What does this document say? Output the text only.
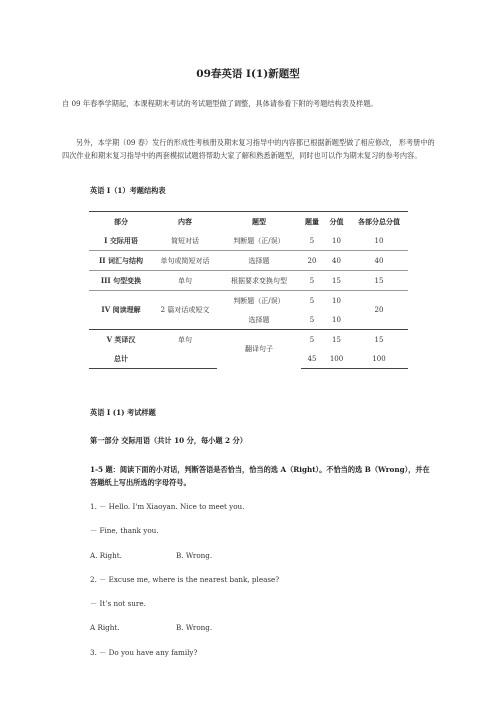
09春英语 I(1)新题型
自 09 年春季学期起，本课程期末考试的考试题型做了调整，具体请参看下附的考题结构表及样题。
另外，本学期（09 春）发行的形成性考核册及期末复习指导中的内容都已根据新题型做了相应修改， 形考册中的四次作业和期末复习指导中的两套模拟试题将帮助大家了解和熟悉新题型，同时也可以作为期末复习的参考内容。
英语 I（1）考题结构表
部分	内容	题型	题量	分值	各部分总分值
I 交际用语	简短对话	判断题（正/误）	5	10	10
II 词汇与结构	单句或简短对话	选择题	20	40	40
III 句型变换	单句	根据要求变换句型	5	15	15
IV 阅读理解	2 篇对话或短文	判断题（正/误）	5	10	20
		选择题	5	10	
V 英译汉	单句	翻译句子	5	15	15
总计			45	100	100
英语 I (1) 考试样题
第一部分 交际用语（共计 10 分，每小题 2 分）
1-5 题：阅读下面的小对话，判断答语是否恰当，恰当的选 A（Right）。不恰当的选 B（Wrong），并在答题纸上写出所选的字母符号。
1. － Hello. I'm Xiaoyan. Nice to meet you.
－ Fine, thank you.
A. Right.	B. Wrong.
2. － Excuse me, where is the nearest bank, please?
－ It’s not sure.
A Right.	B. Wrong.
3. － Do you have any family?
